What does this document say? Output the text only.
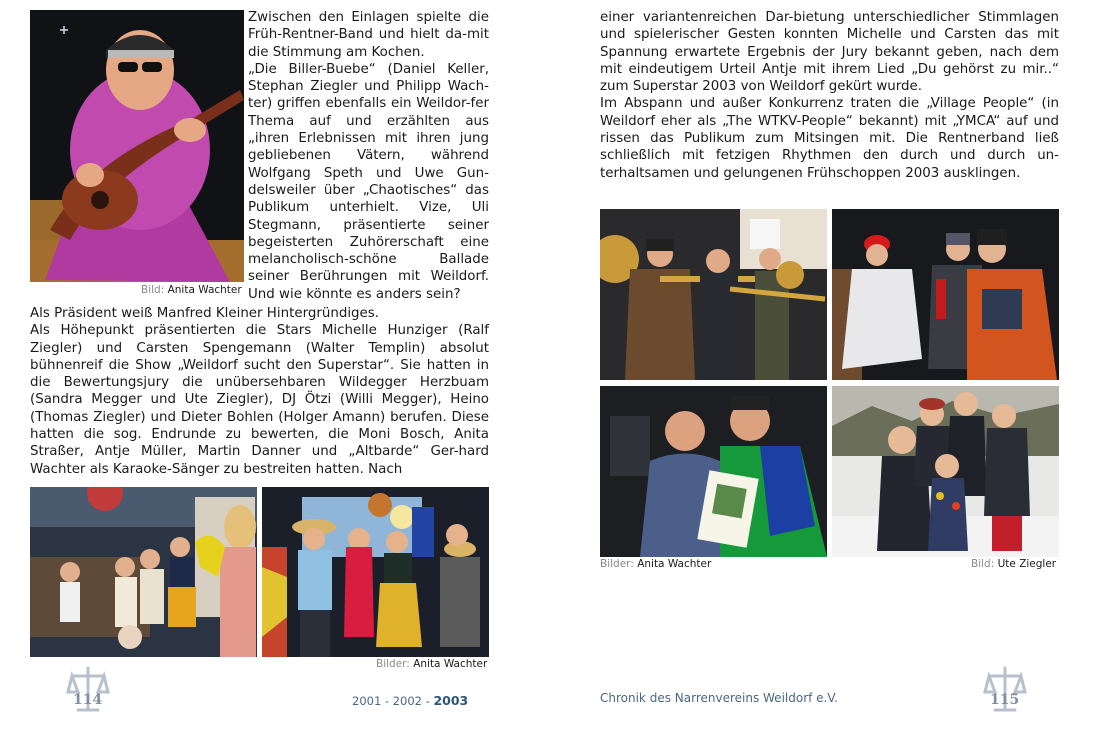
Bild: Anita Wachter

Zwischen den Einlagen spielte die Früh-Rentner-Band und hielt da-mit die Stimmung am Kochen.

„Die Biller-Buebe“ (Daniel Keller, Stephan Ziegler und Philipp Wach-ter) griffen ebenfalls ein Weildor-fer Thema auf und erzählten aus „ihren Erlebnissen mit ihren jung gebliebenen Vätern, während Wolfgang Speth und Uwe Gun-delsweiler über „Chaotisches“ das Publikum unterhielt. Vize, Uli Stegmann, präsentierte seiner begeisterten Zuhörerschaft eine melancholisch-schöne Ballade seiner Berührungen mit Weildorf. Und wie könnte es anders sein?

Als Präsident weiß Manfred Kleiner Hintergründiges.

Als Höhepunkt präsentierten die Stars Michelle Hunziger (Ralf Ziegler) und Carsten Spengemann (Walter Templin) absolut bühnenreif die Show „Weildorf sucht den Superstar“. Sie hatten in die Bewertungsjury die unübersehbaren Wildegger Herzbuam (Sandra Megger und Ute Ziegler), DJ Ötzi (Willi Megger), Heino (Thomas Ziegler) und Dieter Bohlen (Holger Amann) berufen. Diese hatten die sog. Endrunde zu bewerten, die Moni Bosch, Anita Straßer, Antje Müller, Martin Danner und „Altbarde“ Ger-hard Wachter als Karaoke-Sänger zu bestreiten hatten. Nach

Bilder: Anita Wachter
114	2001 - 2002 - 2003

einer variantenreichen Dar-bietung unterschiedlicher Stimmlagen und spielerischer Gesten konnten Michelle und Carsten das mit Spannung erwartete Ergebnis der Jury bekannt geben, nach dem mit eindeutigem Urteil Antje mit ihrem Lied „Du gehörst zu mir..“ zum Superstar 2003 von Weildorf gekürt wurde.

Im Abspann und außer Konkurrenz traten die „Village People“ (in Weildorf eher als „The WTKV-People“ bekannt) mit „YMCA“ auf und rissen das Publikum zum Mitsingen mit. Die Rentnerband ließ schließlich mit fetzigen Rhythmen den durch und durch un-terhaltsamen und gelungenen Frühschoppen 2003 ausklingen.

Bilder: Anita Wachter	Bild: Ute Ziegler
Chronik des Narrenvereins Weildorf e.V.	115
